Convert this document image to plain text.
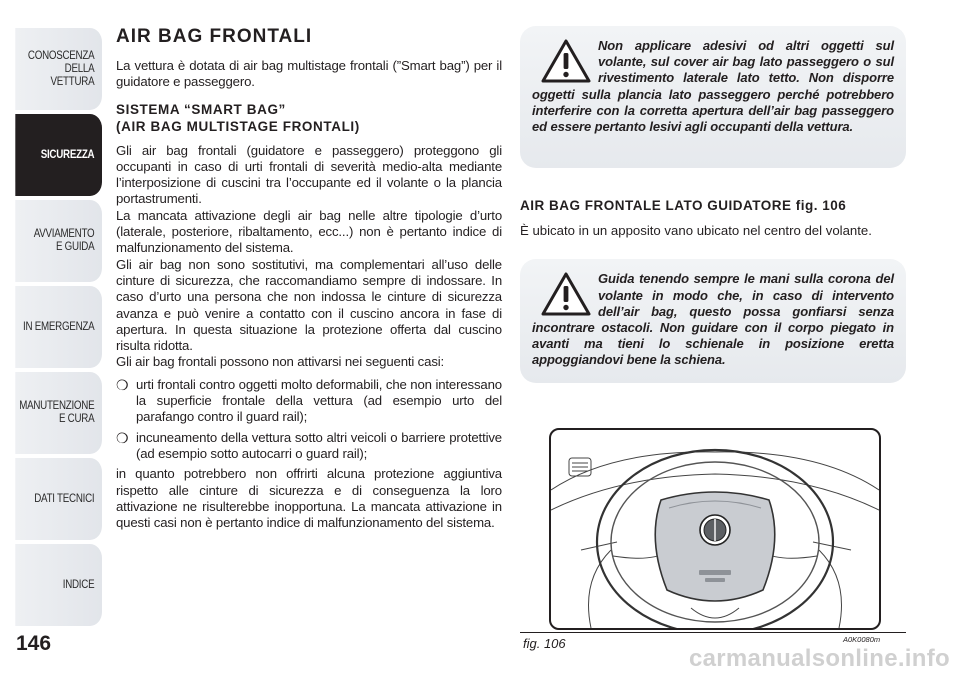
CONOSCENZA
DELLA
VETTURA
SICUREZZA
AVVIAMENTO
E GUIDA
IN EMERGENZA
MANUTENZIONE
E CURA
DATI TECNICI
INDICE
146
AIR BAG FRONTALI

La vettura è dotata di air bag multistage frontali (”Smart bag”) per il guidatore e passeggero.

SISTEMA “SMART BAG”
(AIR BAG MULTISTAGE FRONTALI)

Gli air bag frontali (guidatore e passeggero) proteggono gli occupanti in caso di urti frontali di severità medio-alta mediante l’interposizione di cuscini tra l’occupante ed il volante o la plancia portastrumenti.

La mancata attivazione degli air bag nelle altre tipologie d’urto (laterale, posteriore, ribaltamento, ecc...) non è pertanto indice di malfunzionamento del sistema.

Gli air bag non sono sostitutivi, ma complementari all’uso delle cinture di sicurezza, che raccomandiamo sempre di indossare. In caso d’urto una persona che non indossa le cinture di sicurezza avanza e può venire a contatto con il cuscino ancora in fase di apertura. In questa situazione la protezione offerta dal cuscino risulta ridotta.

Gli air bag frontali possono non attivarsi nei seguenti casi:

❍ urti frontali contro oggetti molto deformabili, che non interessano la superficie frontale della vettura (ad esempio urto del parafango contro il guard rail);
❍ incuneamento della vettura sotto altri veicoli o barriere protettive (ad esempio sotto autocarri o guard rail);

in quanto potrebbero non offrirti alcuna protezione aggiuntiva rispetto alle cinture di sicurezza e di conseguenza la loro attivazione ne risulterebbe inopportuna. La mancata attivazione in questi casi non è pertanto indice di malfunzionamento del sistema.

Non applicare adesivi od altri oggetti sul volante, sul cover air bag lato passeggero o sul rivestimento laterale lato tetto. Non disporre oggetti sulla plancia lato passeggero perché potrebbero interferire con la corretta apertura dell’air bag passeggero ed essere pertanto lesivi agli occupanti della vettura.
AIR BAG FRONTALE LATO GUIDATORE fig. 106

È ubicato in un apposito vano ubicato nel centro del volante.

Guida tenendo sempre le mani sulla corona del volante in modo che, in caso di intervento dell’air bag, questo possa gonfiarsi senza incontrare ostacoli. Non guidare con il corpo piegato in avanti ma tieni lo schienale in posizione eretta appoggiandovi bene la schiena.
fig. 106	A0K0080m
carmanualsonline.info
